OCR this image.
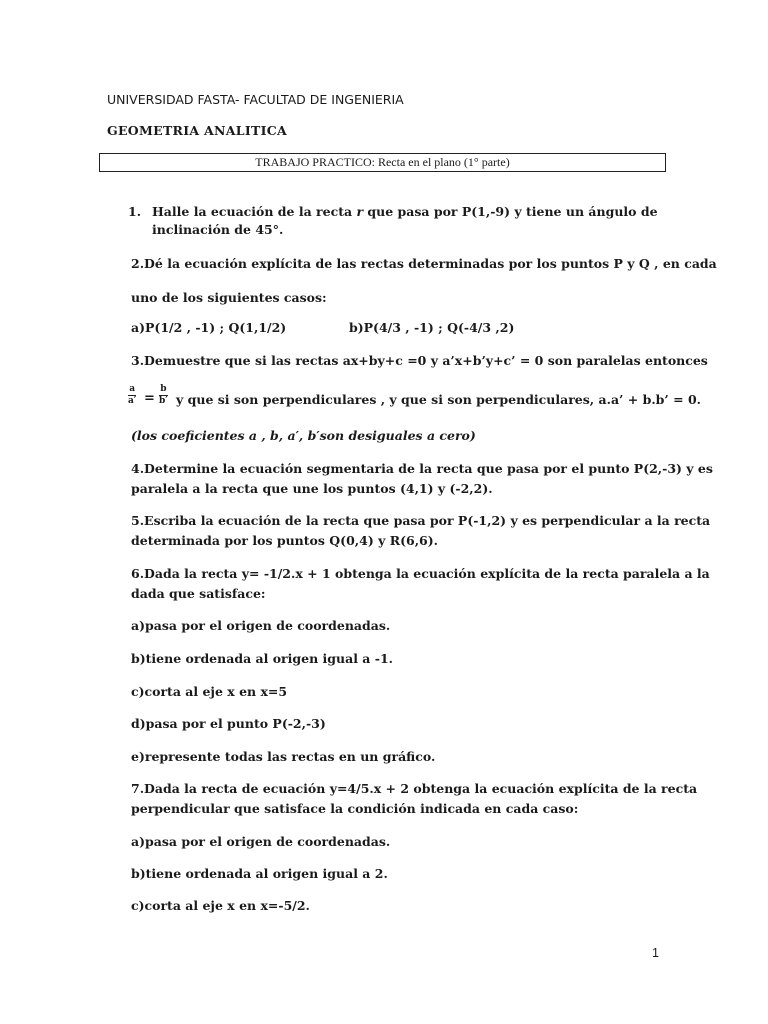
UNIVERSIDAD FASTA- FACULTAD DE INGENIERIA
GEOMETRIA ANALITICA
TRABAJO PRACTICO: Recta en el plano (1° parte)
1. Halle la ecuación de la recta r que pasa por P(1,-9) y tiene un ángulo de
inclinación de 45°.
2.Dé la ecuación explícita de las rectas determinadas por los puntos P y Q , en cada
uno de los siguientes casos:
a)P(1/2 , -1) ; Q(1,1/2)	b)P(4/3 , -1) ; Q(-4/3 ,2)
3.Demuestre que si las rectas ax+by+c =0 y a’x+b’y+c’ = 0 son paralelas entonces
$\frac{a}{a'} = \frac{b}{b'}$ y que si son perpendiculares , y que si son perpendiculares, a.a’ + b.b’ = 0.
(los coeficientes a , b, a′, b′son desiguales a cero)
4.Determine la ecuación segmentaria de la recta que pasa por el punto P(2,-3) y es
paralela a la recta que une los puntos (4,1) y (-2,2).
5.Escriba la ecuación de la recta que pasa por P(-1,2) y es perpendicular a la recta
determinada por los puntos Q(0,4) y R(6,6).
6.Dada la recta y= -1/2.x + 1 obtenga la ecuación explícita de la recta paralela a la
dada que satisface:
a)pasa por el origen de coordenadas.
b)tiene ordenada al origen igual a -1.
c)corta al eje x en x=5
d)pasa por el punto P(-2,-3)
e)represente todas las rectas en un gráfico.
7.Dada la recta de ecuación y=4/5.x + 2 obtenga la ecuación explícita de la recta
perpendicular que satisface la condición indicada en cada caso:
a)pasa por el origen de coordenadas.
b)tiene ordenada al origen igual a 2.
c)corta al eje x en x=-5/2.
1
